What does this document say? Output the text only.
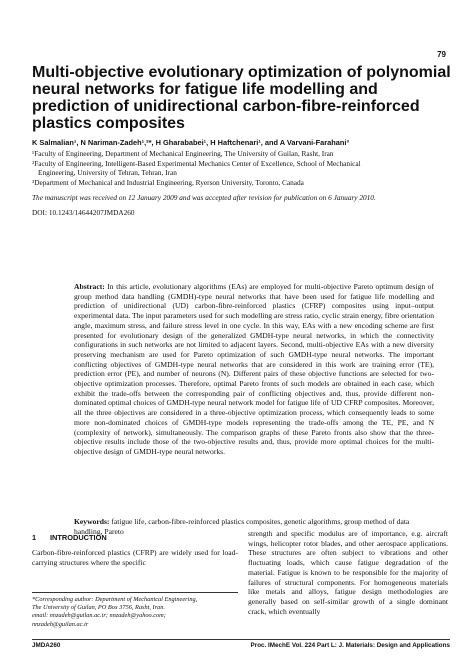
79
Multi-objective evolutionary optimization of polynomial neural networks for fatigue life modelling and prediction of unidirectional carbon-fibre-reinforced plastics composites
K Salmalian¹, N Nariman-Zadeh¹,²*, H Gharababei¹, H Haftchenari¹, and A Varvani-Farahani³
¹Faculty of Engineering, Department of Mechanical Engineering, The University of Guilan, Rasht, Iran
²Faculty of Engineering, Intelligent-Based Experimental Mechanics Center of Excellence, School of Mechanical
Engineering, University of Tehran, Tehran, Iran
³Department of Mechanical and Industrial Engineering, Ryerson University, Toronto, Canada
The manuscript was received on 12 January 2009 and was accepted after revision for publication on 6 January 2010.
DOI: 10.1243/14644207JMDA260

Abstract: In this article, evolutionary algorithms (EAs) are employed for multi-objective Pareto optimum design of group method data handling (GMDH)-type neural networks that have been used for fatigue life modelling and prediction of unidirectional (UD) carbon-fibre-reinforced plastics (CFRP) composites using input–output experimental data. The input parameters used for such modelling are stress ratio, cyclic strain energy, fibre orientation angle, maximum stress, and failure stress level in one cycle. In this way, EAs with a new encoding scheme are first presented for evolutionary design of the generalized GMDH-type neural networks, in which the connectivity configurations in such networks are not limited to adjacent layers. Second, multi-objective EAs with a new diversity preserving mechanism are used for Pareto optimization of such GMDH-type neural networks. The important conflicting objectives of GMDH-type neural networks that are considered in this work are training error (TE), prediction error (PE), and number of neurons (N). Different pairs of these objective functions are selected for two-objective optimization processes. Therefore, optimal Pareto fronts of such models are obtained in each case, which exhibit the trade-offs between the corresponding pair of conflicting objectives and, thus, provide different non-dominated optimal choices of GMDH-type neural network model for fatigue life of UD CFRP composites. Moreover, all the three objectives are considered in a three-objective optimization process, which consequently leads to some more non-dominated choices of GMDH-type models representing the trade-offs among the TE, PE, and N (complexity of network), simultaneously. The comparison graphs of these Pareto fronts also show that the three-objective results include those of the two-objective results and, thus, provide more optimal choices for the multi-objective design of GMDH-type neural networks.

Keywords: fatigue life, carbon-fibre-reinforced plastics composites, genetic algorithms, group method of data handling, Pareto

1 INTRODUCTION

Carbon-fibre-reinforced plastics (CFRP) are widely used for load-carrying structures where the specific

strength and specific modulus are of importance, e.g. aircraft wings, helicopter rotor blades, and other aerospace applications. These structures are often subject to vibrations and other fluctuating loads, which cause fatigue degradation of the material. Fatigue is known to be responsible for the majority of failures of structural components. For homogeneous materials like metals and alloys, fatigue design methodologies are generally based on self-similar growth of a single dominant crack, which eventually

*Corresponding author: Department of Mechanical Engineering,
The University of Guilan, PO Box 3756, Rasht, Iran.
email: nnzadeh@guilan.ac.ir; nnzadeh@yahoo.com;
nnzadeh@guilan.ac.ir
JMDA260	Proc. IMechE Vol. 224 Part L: J. Materials: Design and Applications
